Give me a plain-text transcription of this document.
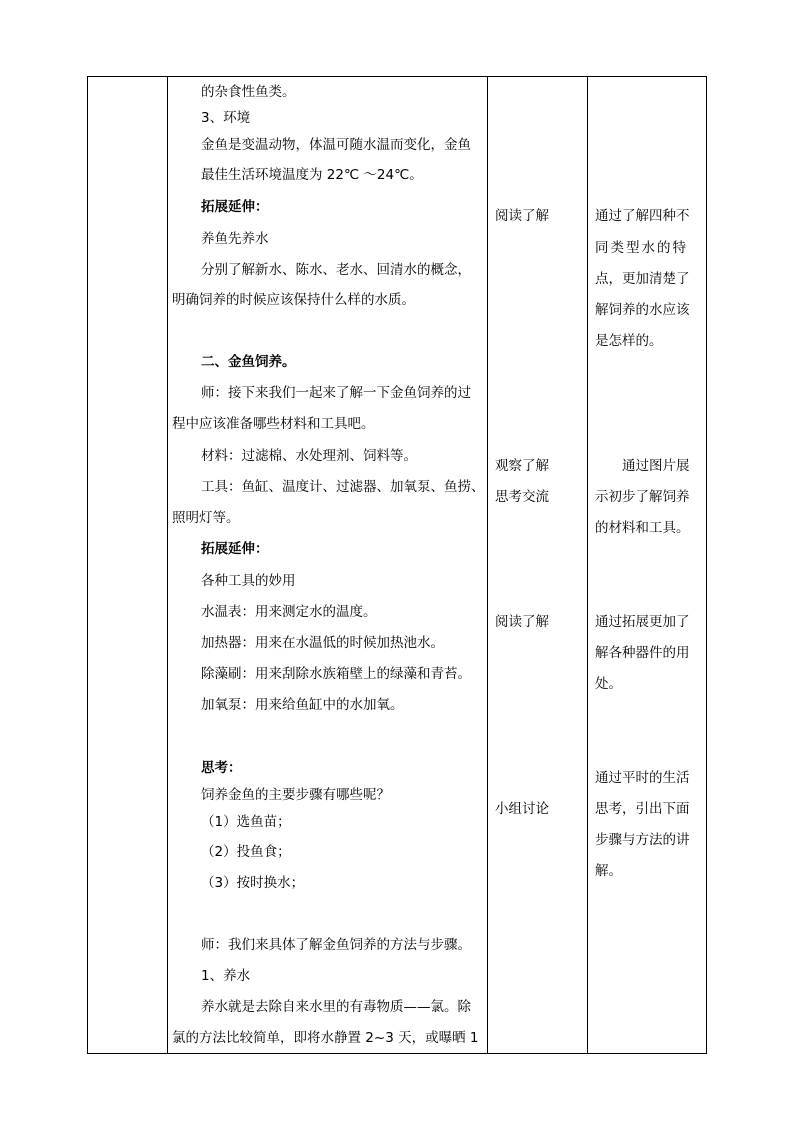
的杂食性鱼类。
3、环境
金鱼是变温动物，体温可随水温而变化，金鱼
最佳生活环境温度为 22℃ ～24℃。
拓展延伸：
养鱼先养水
分别了解新水、陈水、老水、回清水的概念，
明确饲养的时候应该保持什么样的水质。
二、金鱼饲养。
师：接下来我们一起来了解一下金鱼饲养的过
程中应该准备哪些材料和工具吧。
材料：过滤棉、水处理剂、饲料等。
工具：鱼缸、温度计、过滤器、加氧泵、鱼捞、
照明灯等。
拓展延伸：
各种工具的妙用
水温表：用来测定水的温度。
加热器：用来在水温低的时候加热池水。
除藻刷：用来刮除水族箱壁上的绿藻和青苔。
加氧泵：用来给鱼缸中的水加氧。
思考：
饲养金鱼的主要步骤有哪些呢？
（1）选鱼苗；
（2）投鱼食；
（3）按时换水；
师：我们来具体了解金鱼饲养的方法与步骤。
1、养水
养水就是去除自来水里的有毒物质——氯。除
氯的方法比较简单，即将水静置 2~3 天，或曝晒 1
阅读了解
观察了解
思考交流
阅读了解
小组讨论
通过了解四种不
同类型水的特
点，更加清楚了
解饲养的水应该
是怎样的。
通过图片展
示初步了解饲养
的材料和工具。
通过拓展更加了
解各种器件的用
处。
通过平时的生活
思考，引出下面
步骤与方法的讲
解。
